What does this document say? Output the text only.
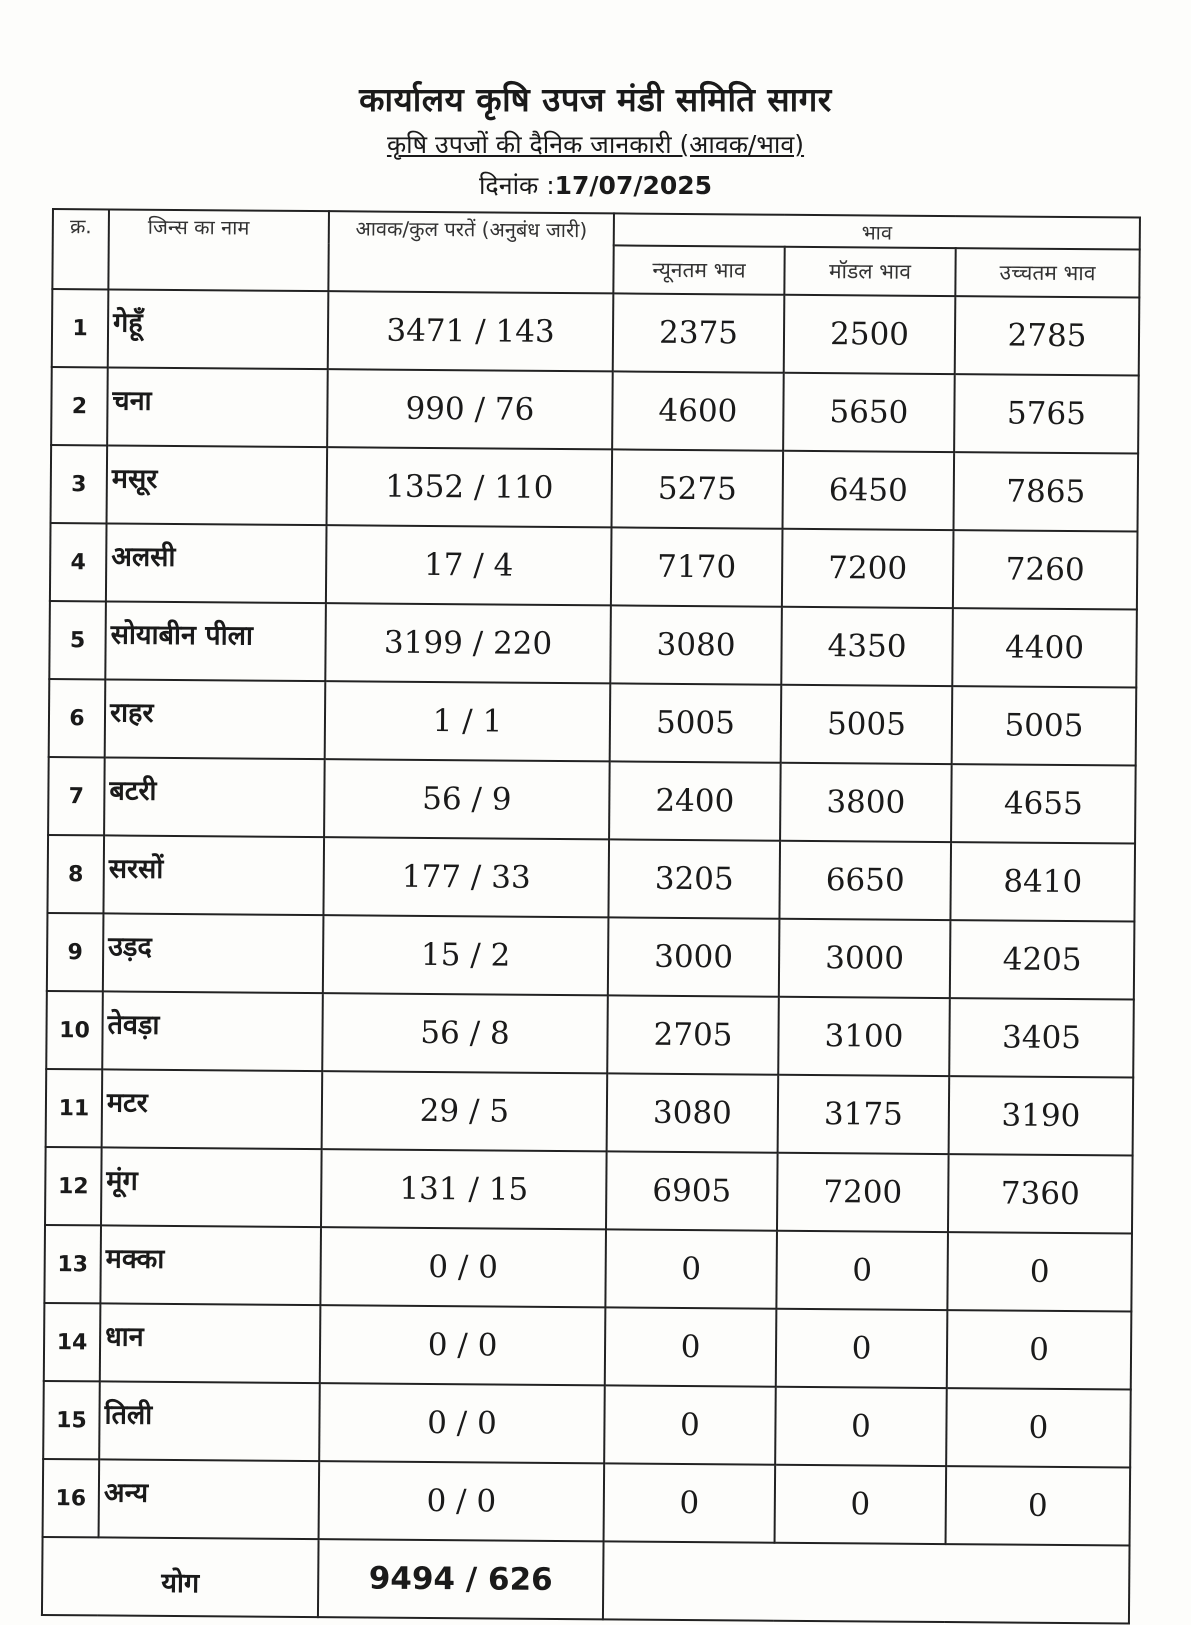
कार्यालय कृषि उपज मंडी समिति सागर
कृषि उपजों की दैनिक जानकारी (आवक/भाव)
दिनांक :17/07/2025
क्र.	जिन्स का नाम	आवक/कुल परतें (अनुबंध जारी)	भाव		
			न्यूनतम भाव	मॉडल भाव	उच्चतम भाव
1	गेहूँ	3471 / 143	2375	2500	2785
2	चना	990 / 76	4600	5650	5765
3	मसूर	1352 / 110	5275	6450	7865
4	अलसी	17 / 4	7170	7200	7260
5	सोयाबीन पीला	3199 / 220	3080	4350	4400
6	राहर	1 / 1	5005	5005	5005
7	बटरी	56 / 9	2400	3800	4655
8	सरसों	177 / 33	3205	6650	8410
9	उड़द	15 / 2	3000	3000	4205
10	तेवड़ा	56 / 8	2705	3100	3405
11	मटर	29 / 5	3080	3175	3190
12	मूंग	131 / 15	6905	7200	7360
13	मक्का	0 / 0	0	0	0
14	धान	0 / 0	0	0	0
15	तिली	0 / 0	0	0	0
16	अन्य	0 / 0	0	0	0
योग		9494 / 626			
